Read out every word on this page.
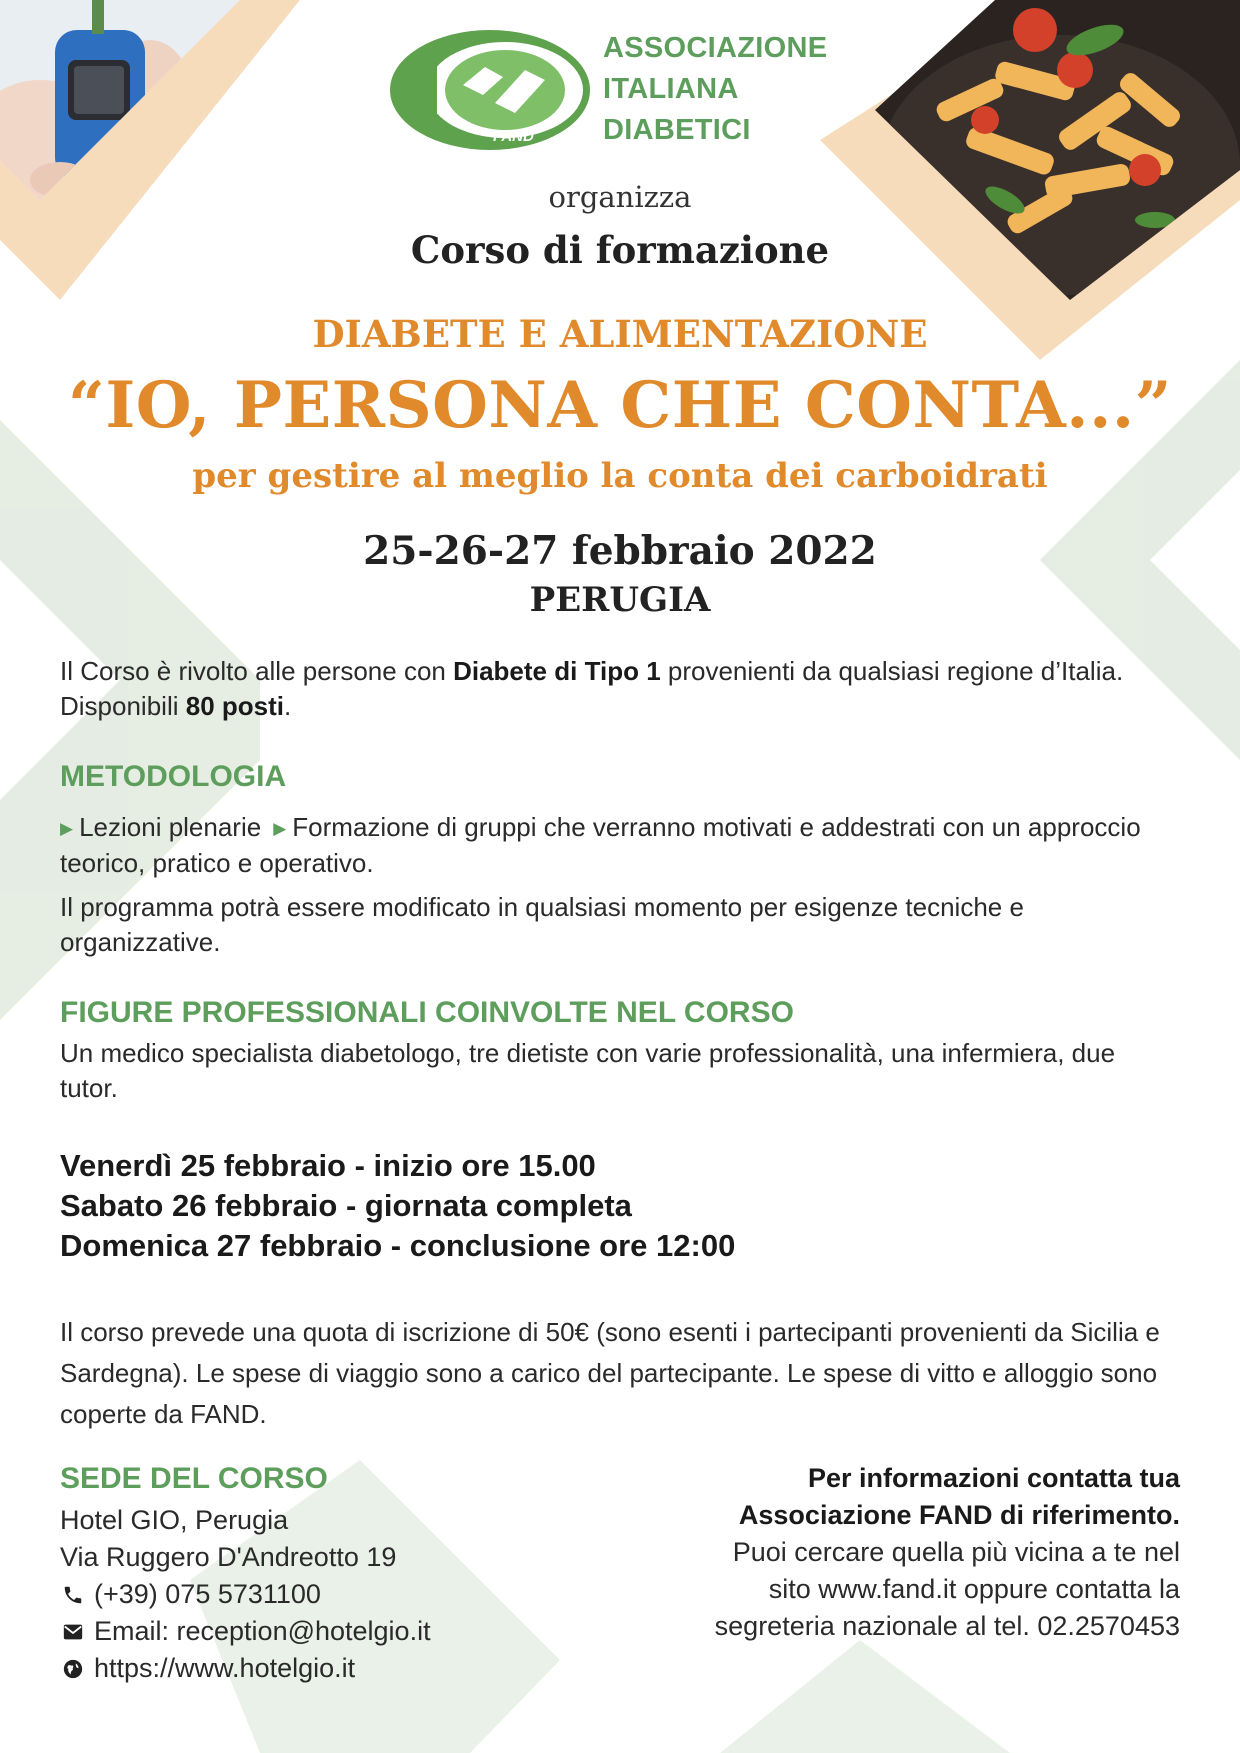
FAND
ASSOCIAZIONE
ITALIANA
DIABETICI
organizza
Corso di formazione
DIABETE E ALIMENTAZIONE
“IO, PERSONA CHE CONTA...”
per gestire al meglio la conta dei carboidrati
25-26-27 febbraio 2022
PERUGIA
Il Corso è rivolto alle persone con Diabete di Tipo 1 provenienti da qualsiasi regione d’Italia. Disponibili 80 posti.
METODOLOGIA
▶ Lezioni plenarie ▶ Formazione di gruppi che verranno motivati e addestrati con un approccio teorico, pratico e operativo.
Il programma potrà essere modificato in qualsiasi momento per esigenze tecniche e organizzative.
FIGURE PROFESSIONALI COINVOLTE NEL CORSO
Un medico specialista diabetologo, tre dietiste con varie professionalità, una infermiera, due tutor.
Venerdì 25 febbraio - inizio ore 15.00
Sabato 26 febbraio - giornata completa
Domenica 27 febbraio - conclusione ore 12:00
Il corso prevede una quota di iscrizione di 50€ (sono esenti i partecipanti provenienti da Sicilia e Sardegna). Le spese di viaggio sono a carico del partecipante. Le spese di vitto e alloggio sono coperte da FAND.
SEDE DEL CORSO
Hotel GIO, Perugia
Via Ruggero D'Andreotto 19
(+39) 075 5731100
Email: reception@hotelgio.it
https://www.hotelgio.it
Per informazioni contatta tua
Associazione FAND di riferimento.
Puoi cercare quella più vicina a te nel
sito www.fand.it oppure contatta la
segreteria nazionale al tel. 02.2570453
